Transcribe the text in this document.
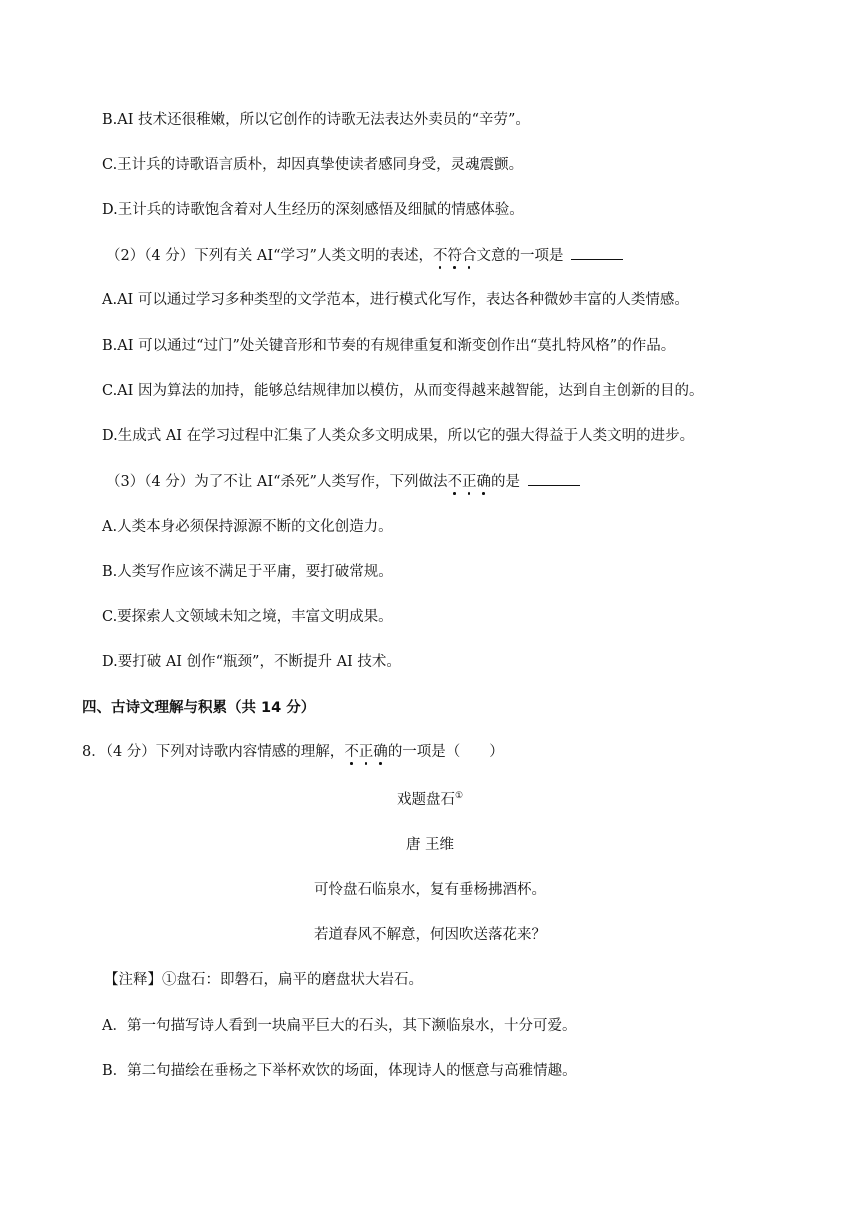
B.AI 技术还很稚嫩，所以它创作的诗歌无法表达外卖员的“辛劳”。
C.王计兵的诗歌语言质朴，却因真挚使读者感同身受，灵魂震颤。
D.王计兵的诗歌饱含着对人生经历的深刻感悟及细腻的情感体验。
（2）（4 分）下列有关 AI“学习”人类文明的表述，不符合
文意的一项是
A.AI 可以通过学习多种类型的文学范本，进行模式化写作，表达各种微妙丰富的人类情感。
B.AI 可以通过“过门”处关键音形和节奏的有规律重复和渐变创作出“莫扎特风格”的作品。
C.AI 因为算法的加持，能够总结规律加以模仿，从而变得越来越智能，达到自主创新的目的。
D.生成式 AI 在学习过程中汇集了人类众多文明成果，所以它的强大得益于人类文明的进步。
（3）（4 分）为了不让 AI“杀死”人类写作，下列做法不正确
的是
A.人类本身必须保持源源不断的文化创造力。
B.人类写作应该不满足于平庸，要打破常规。
C.要探索人文领域未知之境，丰富文明成果。
D.要打破 AI 创作“瓶颈”，不断提升 AI 技术。
四、古诗文理解与积累（共 14 分）
8．（4 分）下列对诗歌内容情感的理解，不正确
的一项是（　　）
戏题盘石①
唐 王维
可怜盘石临泉水，复有垂杨拂酒杯。
若道春风不解意，何因吹送落花来？
【注释】①盘石：即磐石，扁平的磨盘状大岩石。
A．第一句描写诗人看到一块扁平巨大的石头，其下濒临泉水，十分可爱。
B．第二句描绘在垂杨之下举杯欢饮的场面，体现诗人的惬意与高雅情趣。
